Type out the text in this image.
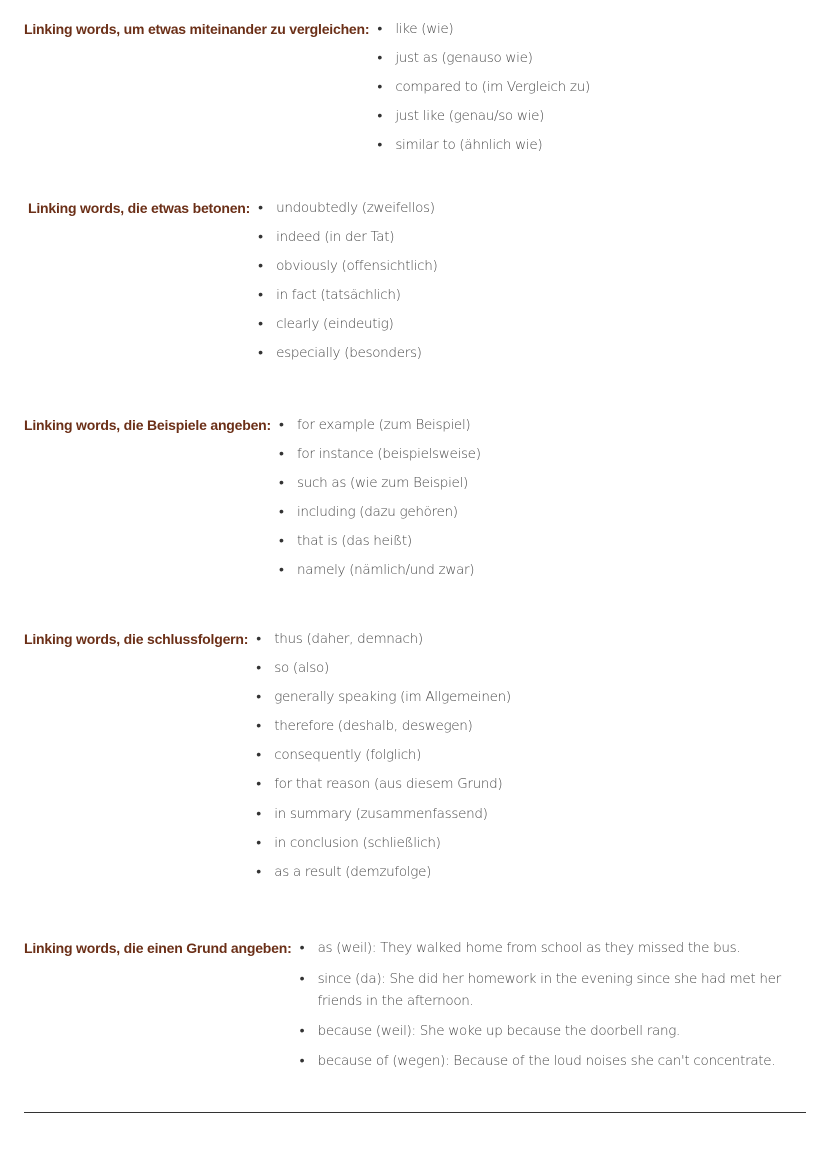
Linking words, um etwas miteinander zu vergleichen: • like (wie)
• just as (genauso wie)
• compared to (im Vergleich zu)
• just like (genau/so wie)
• similar to (ähnlich wie)
Linking words, die etwas betonen: • undoubtedly (zweifellos)
• indeed (in der Tat)
• obviously (offensichtlich)
• in fact (tatsächlich)
• clearly (eindeutig)
• especially (besonders)
Linking words, die Beispiele angeben: • for example (zum Beispiel)
• for instance (beispielsweise)
• such as (wie zum Beispiel)
• including (dazu gehören)
• that is (das heißt)
• namely (nämlich/und zwar)
Linking words, die schlussfolgern: • thus (daher, demnach)
• so (also)
• generally speaking (im Allgemeinen)
• therefore (deshalb, deswegen)
• consequently (folglich)
• for that reason (aus diesem Grund)
• in summary (zusammenfassend)
• in conclusion (schließlich)
• as a result (demzufolge)
Linking words, die einen Grund angeben: • as (weil): They walked home from school as they missed the bus.
• since (da): She did her homework in the evening since she had met her friends in the afternoon.
• because (weil): She woke up because the doorbell rang.
• because of (wegen): Because of the loud noises she can't concentrate.
